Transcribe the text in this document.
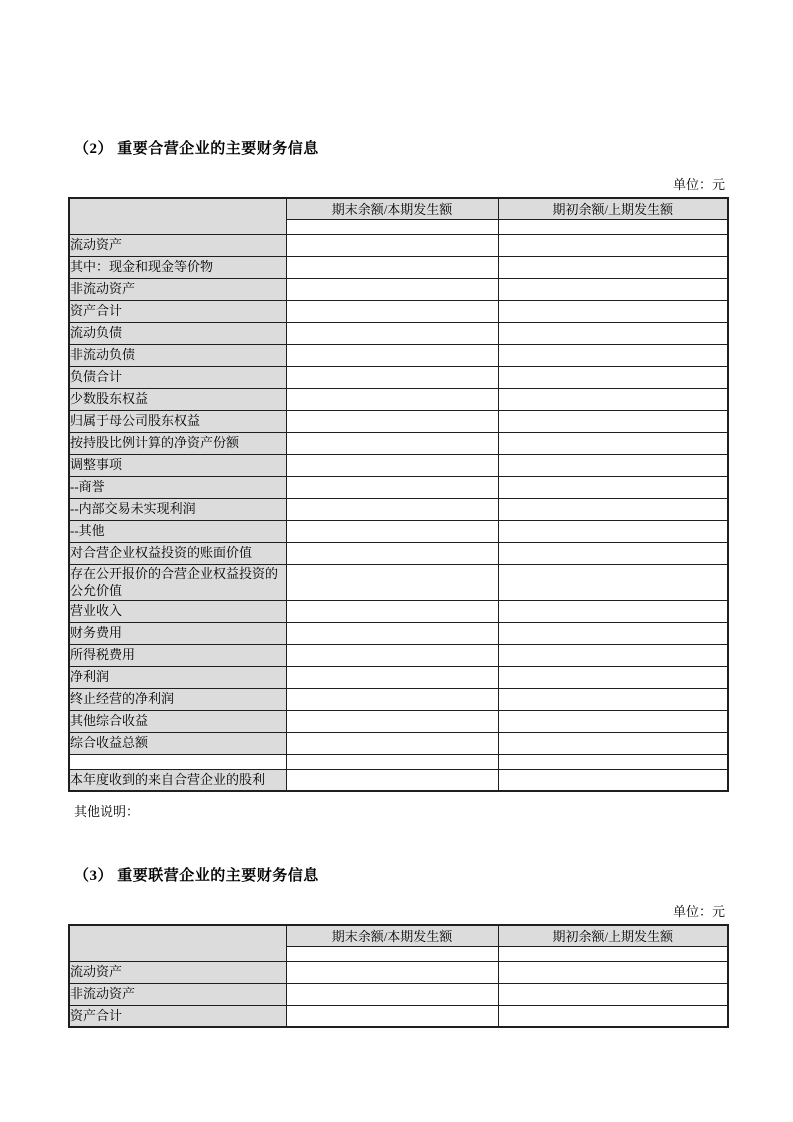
（2） 重要合营企业的主要财务信息
单位：元
	期末余额/本期发生额	期初余额/上期发生额

流动资产		
其中：现金和现金等价物		
非流动资产		
资产合计		
流动负债		
非流动负债		
负债合计		
少数股东权益		
归属于母公司股东权益		
按持股比例计算的净资产份额		
调整事项		
--商誉		
--内部交易未实现利润		
--其他		
对合营企业权益投资的账面价值		
存在公开报价的合营企业权益投资的公允价值		
营业收入		
财务费用		
所得税费用		
净利润		
终止经营的净利润		
其他综合收益		
综合收益总额		

本年度收到的来自合营企业的股利		
其他说明：
（3） 重要联营企业的主要财务信息
单位：元
	期末余额/本期发生额	期初余额/上期发生额

流动资产		
非流动资产		
资产合计		
